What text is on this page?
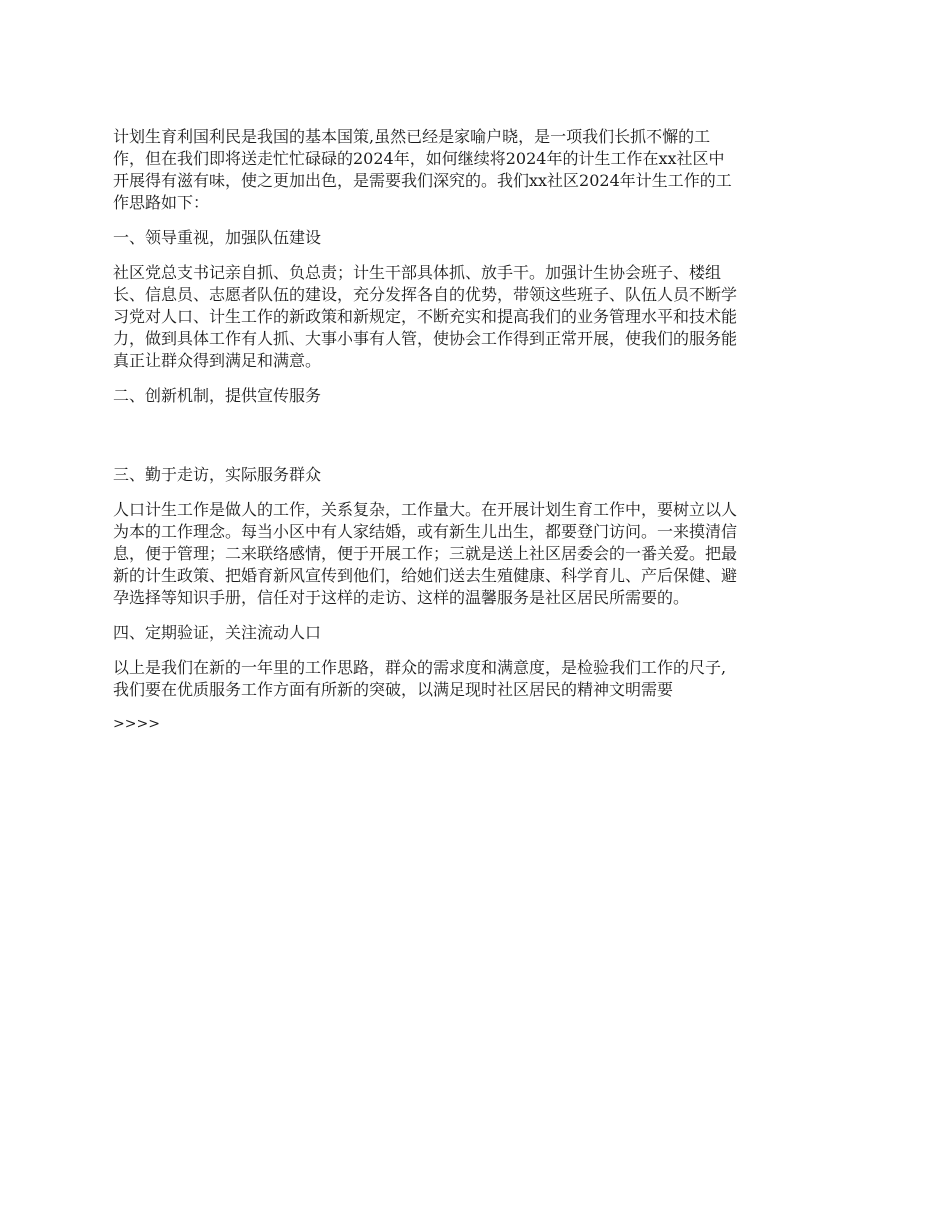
计划生育利国利民是我国的基本国策,虽然已经是家喻户晓，是一项我们长抓不懈的工
作，但在我们即将送走忙忙碌碌的2024年，如何继续将2024年的计生工作在xx社区中
开展得有滋有味，使之更加出色，是需要我们深究的。我们xx社区2024年计生工作的工
作思路如下：

一、领导重视，加强队伍建设

社区党总支书记亲自抓、负总责；计生干部具体抓、放手干。加强计生协会班子、楼组
长、信息员、志愿者队伍的建设，充分发挥各自的优势，带领这些班子、队伍人员不断学
习党对人口、计生工作的新政策和新规定，不断充实和提高我们的业务管理水平和技术能
力，做到具体工作有人抓、大事小事有人管，使协会工作得到正常开展，使我们的服务能
真正让群众得到满足和满意。

二、创新机制，提供宣传服务

三、勤于走访，实际服务群众

人口计生工作是做人的工作，关系复杂，工作量大。在开展计划生育工作中，要树立以人
为本的工作理念。每当小区中有人家结婚，或有新生儿出生，都要登门访问。一来摸清信
息，便于管理；二来联络感情，便于开展工作；三就是送上社区居委会的一番关爱。把最
新的计生政策、把婚育新风宣传到他们，给她们送去生殖健康、科学育儿、产后保健、避
孕选择等知识手册，信任对于这样的走访、这样的温馨服务是社区居民所需要的。

四、定期验证，关注流动人口

以上是我们在新的一年里的工作思路，群众的需求度和满意度，是检验我们工作的尺子,
我们要在优质服务工作方面有所新的突破，以满足现时社区居民的精神文明需要

>>>>
